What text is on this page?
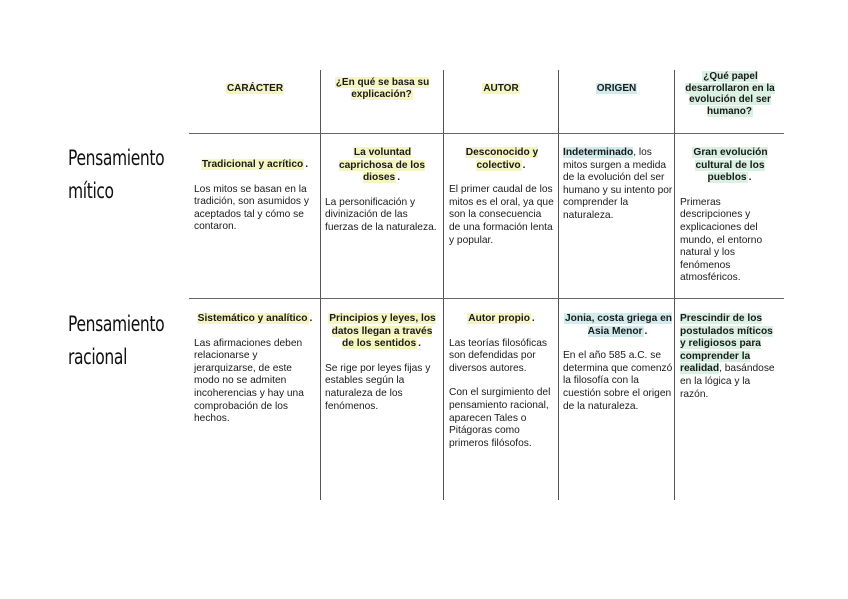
CARÁCTER
¿En qué se basa su explicación?	AUTOR	ORIGEN
¿Qué papel desarrollaron en la evolución del ser humano?
Pensamiento mítico
Pensamiento racional
Tradicional y acrítico .
Los mitos se basan en la tradición, son asumidos y aceptados tal y cómo se contaron.
La voluntad caprichosa de los dioses .
La personificación y divinización de las fuerzas de la naturaleza.
Desconocido y colectivo .
El primer caudal de los mitos es el oral, ya que son la consecuencia de una formación lenta y popular.
Indeterminado, los mitos surgen a medida de la evolución del ser humano y su intento por comprender la naturaleza.
Gran evolución cultural de los pueblos .
Primeras descripciones y explicaciones del mundo, el entorno natural y los fenómenos atmosféricos.
Sistemático y analítico .
Las afirmaciones deben relacionarse y jerarquizarse, de este modo no se admiten incoherencias y hay una comprobación de los hechos.
Principios y leyes, los datos llegan a través de los sentidos .
Se rige por leyes fijas y estables según la naturaleza de los fenómenos.
Autor propio .
Las teorías filosóficas son defendidas por diversos autores.
Con el surgimiento del pensamiento racional, aparecen Tales o Pitágoras como primeros filósofos.
Jonia, costa griega en Asia Menor .
En el año 585 a.C. se determina que comenzó la filosofía con la cuestión sobre el origen de la naturaleza.
Prescindir de los postulados míticos y religiosos para comprender la realidad, basándose en la lógica y la razón.
